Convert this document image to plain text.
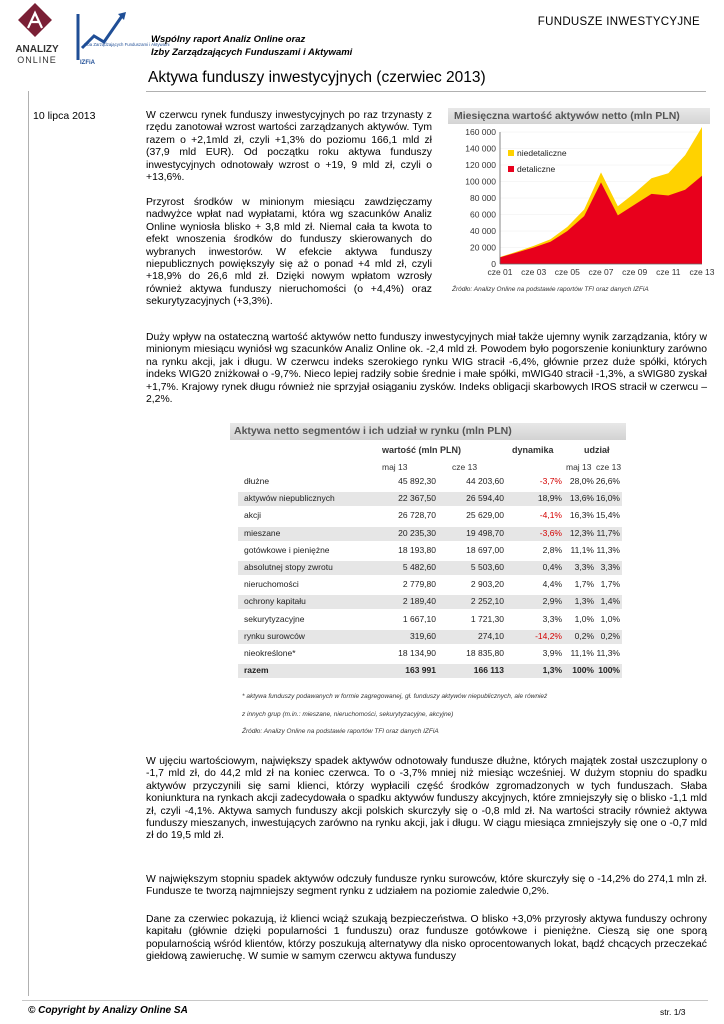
ANALIZY
ONLINE
Izba Zarządzających Funduszami i Aktywami
IZFiA
Wspólny raport Analiz Online oraz
Izby Zarządzających Funduszami i Aktywami
FUNDUSZE INWESTYCYJNE
Aktywa funduszy inwestycyjnych (czerwiec 2013)
10 lipca 2013	W czerwcu rynek funduszy inwestycyjnych po raz trzynasty z rzędu zanotował wzrost wartości zarządzanych aktywów. Tym razem o +2,1mld zł, czyli +1,3% do poziomu 166,1 mld zł (37,9 mld EUR). Od początku roku aktywa funduszy inwestycyjnych odnotowały wzrost o +19, 9 mld zł, czyli o +13,6%.
Przyrost środków w minionym miesiącu zawdzięczamy nadwyżce wpłat nad wypłatami, która wg szacunków Analiz Online wyniosła blisko + 3,8 mld zł. Niemal cała ta kwota to efekt wnoszenia środków do funduszy skierowanych do wybranych inwestorów. W efekcie aktywa funduszy niepublicznych powiększyły się aż o ponad +4 mld zł, czyli +18,9% do 26,6 mld zł. Dzięki nowym wpłatom wzrosły również aktywa funduszy nieruchomości (o +4,4%) oraz sekurytyzacyjnych (+3,3%).
Miesięczna wartość aktywów netto (mln PLN)
0
20 000
40 000
60 000
80 000
100 000
120 000
140 000
160 000
cze 01 cze 03 cze 05 cze 07 cze 09 cze 11 cze 13
niedetaliczne
detaliczne
Źródło: Analizy Online na podstawie raportów TFI oraz danych IZFiA
Duży wpływ na ostateczną wartość aktywów netto funduszy inwestycyjnych miał także ujemny wynik zarządzania, który w minionym miesiącu wyniósł wg szacunków Analiz Online ok. -2,4 mld zł. Powodem było pogorszenie koniunktury zarówno na rynku akcji, jak i długu. W czerwcu indeks szerokiego rynku WIG stracił -6,4%, głównie przez duże spółki, których indeks WIG20 zniżkował o -9,7%. Nieco lepiej radziły sobie średnie i małe spółki, mWIG40 stracił -1,3%, a sWIG80 zyskał +1,7%. Krajowy rynek długu również nie sprzyjał osiąganiu zysków. Indeks obligacji skarbowych IROS stracił w czerwcu –2,2%.
Aktywa netto segmentów i ich udział w rynku (mln PLN)
wartość (mln PLN)	dynamika	udział
maj 13	cze 13	maj 13 cze 13
dłużne	45 892,30	44 203,60	-3,7% 28,0% 26,6%
aktywów niepublicznych	22 367,50	26 594,40	18,9% 13,6% 16,0%
akcji	26 728,70	25 629,00	-4,1% 16,3% 15,4%
mieszane	20 235,30	19 498,70	-3,6% 12,3% 11,7%
gotówkowe i pieniężne	18 193,80	18 697,00	2,8%	11,1% 11,3%
absolutnej stopy zwrotu	5 482,60	5 503,60	0,4%	3,3% 3,3%
nieruchomości	2 779,80	2 903,20	4,4%	1,7% 1,7%
ochrony kapitału	2 189,40	2 252,10	2,9%	1,3% 1,4%
sekurytyzacyjne	1 667,10	1 721,30	3,3%	1,0% 1,0%
rynku surowców	319,60	274,10	-14,2%	0,2% 0,2%
nieokreślone*	18 134,90	18 835,80	3,9%	11,1% 11,3%
razem	163 991	166 113	1,3%	100% 100%
* aktywa funduszy podawanych w formie zagregowanej, gł. funduszy aktywów niepublicznych, ale również
z innych grup (m.in.: mieszane, nieruchomości, sekurytyzacyjne, akcyjne)
Źródło: Analizy Online na podstawie raportów TFI oraz danych IZFiA
W ujęciu wartościowym, największy spadek aktywów odnotowały fundusze dłużne, których majątek został uszczuplony o -1,7 mld zł, do 44,2 mld zł na koniec czerwca. To o -3,7% mniej niż miesiąc wcześniej. W dużym stopniu do spadku aktywów przyczynili się sami klienci, którzy wypłacili część środków zgromadzonych w tych funduszach. Słaba koniunktura na rynkach akcji zadecydowała o spadku aktywów funduszy akcyjnych, które zmniejszyły się o blisko -1,1 mld zł, czyli -4,1%. Aktywa samych funduszy akcji polskich skurczyły się o -0,8 mld zł. Na wartości straciły również aktywa funduszy mieszanych, inwestujących zarówno na rynku akcji, jak i długu. W ciągu miesiąca zmniejszyły się one o -0,7 mld zł do 19,5 mld zł.
W największym stopniu spadek aktywów odczuły fundusze rynku surowców, które skurczyły się o -14,2% do 274,1 mln zł. Fundusze te tworzą najmniejszy segment rynku z udziałem na poziomie zaledwie 0,2%.
Dane za czerwiec pokazują, iż klienci wciąż szukają bezpieczeństwa. O blisko +3,0% przyrosły aktywa funduszy ochrony kapitału (głównie dzięki popularności 1 funduszu) oraz fundusze gotówkowe i pieniężne. Cieszą się one sporą popularnością wśród klientów, którzy poszukują alternatywy dla nisko oprocentowanych lokat, bądź chcących przeczekać giełdową zawieruchę. W sumie w samym czerwcu aktywa funduszy
© Copyright by Analizy Online SA	str. 1/3
